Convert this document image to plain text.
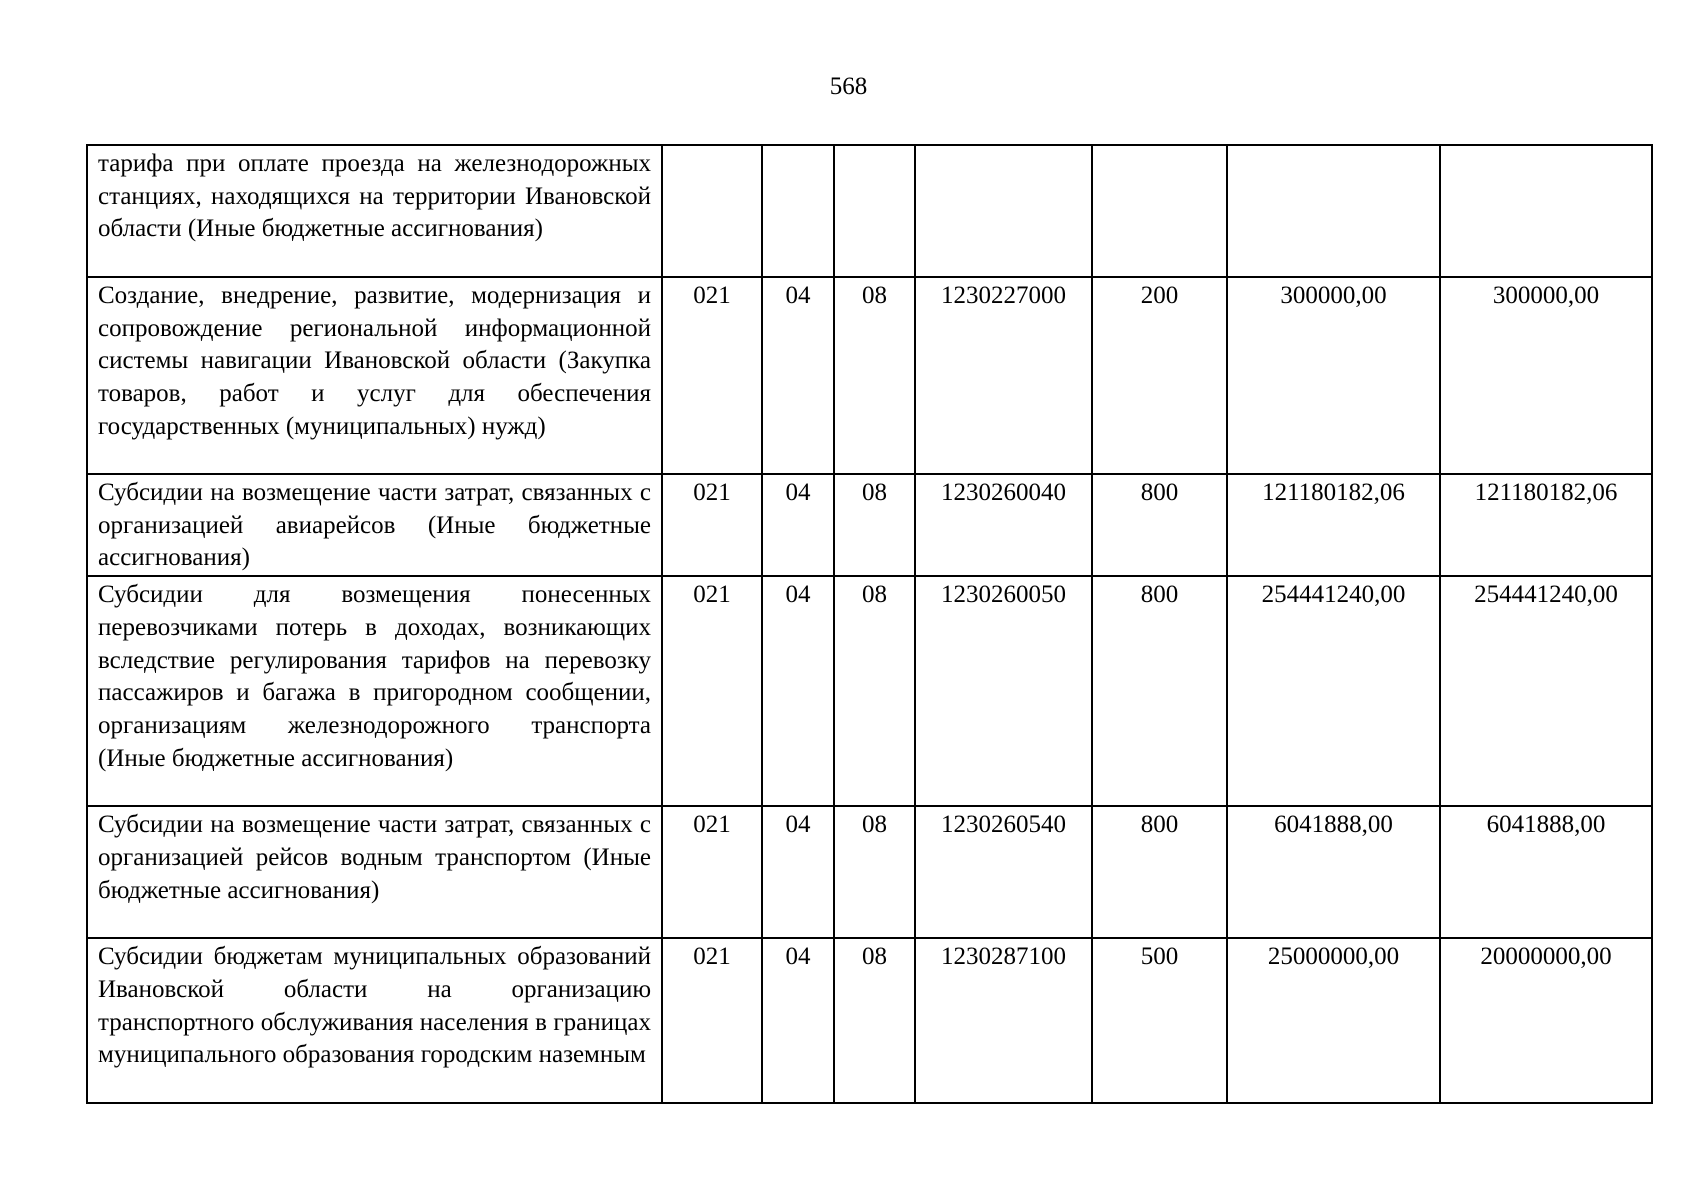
568
тарифа при оплате проезда на железнодорожных станциях, находящихся на территории Ивановской области (Иные бюджетные ассигнования)							
Создание, внедрение, развитие, модернизация и сопровождение региональной информационной системы навигации Ивановской области (Закупка товаров, работ и услуг для обеспечения государственных (муниципальных) нужд)	021	04	08	1230227000	200	300000,00	300000,00
Субсидии на возмещение части затрат, связанных с организацией авиарейсов (Иные бюджетные ассигнования)	021	04	08	1230260040	800	121180182,06	121180182,06
Субсидии для возмещения понесенных перевозчиками потерь в доходах, возникающих вследствие регулирования тарифов на перевозку пассажиров и багажа в пригородном сообщении, организациям железнодорожного транспорта (Иные бюджетные ассигнования)	021	04	08	1230260050	800	254441240,00	254441240,00
Субсидии на возмещение части затрат, связанных с организацией рейсов водным транспортом (Иные бюджетные ассигнования)	021	04	08	1230260540	800	6041888,00	6041888,00
Субсидии бюджетам муниципальных образований Ивановской области на организацию транспортного обслуживания населения в границах муниципального образования городским наземным	021	04	08	1230287100	500	25000000,00	20000000,00
